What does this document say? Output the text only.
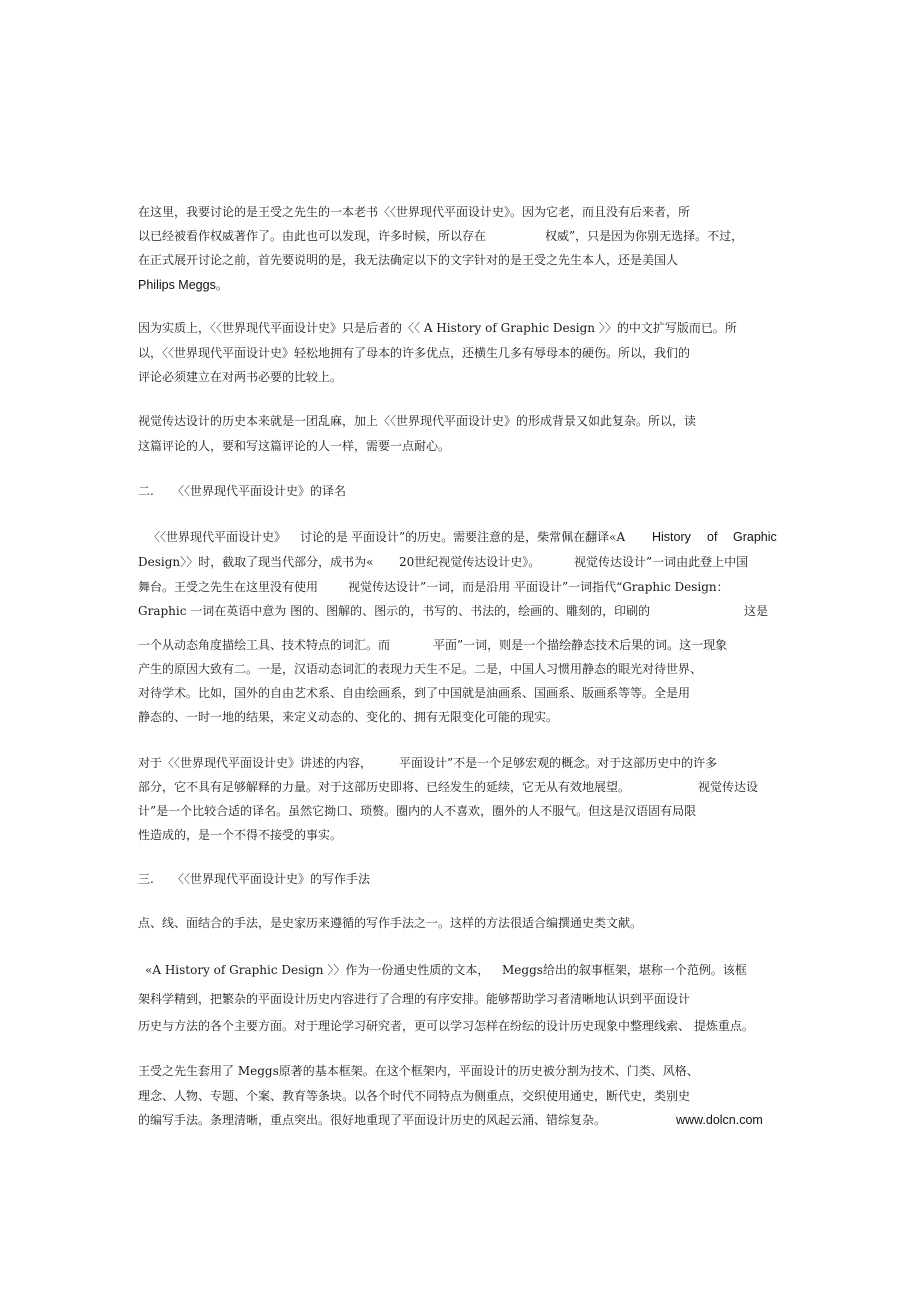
在这里，我要讨论的是王受之先生的一本老书〈〈世界现代平面设计史》。因为它老，而且没有后来者，所
以已经被看作权威著作了。由此也可以发现，许多时候，所以存在	权威”，只是因为你别无选择。不过，
在正式展开讨论之前，首先要说明的是，我无法确定以下的文字针对的是王受之先生本人，还是美国人
Philips Meggs。
因为实质上，〈〈世界现代平面设计史》只是后者的〈〈 A History of Graphic Design 〉〉的中文扩写版而已。所
以，〈〈世界现代平面设计史》轻松地拥有了母本的许多优点，还横生几多有辱母本的硬伤。所以，我们的
评论必须建立在对两书必要的比较上。
视觉传达设计的历史本来就是一团乱麻，加上〈〈世界现代平面设计史》的形成背景又如此复杂。所以，读
这篇评论的人，要和写这篇评论的人一样，需要一点耐心。
二. 〈〈世界现代平面设计史》的译名
〈〈世界现代平面设计史》 讨论的是 平面设计”的历史。需要注意的是，柴常佩在翻译«A History of Graphic
Design〉〉时，截取了现当代部分，成书为« 20世纪视觉传达设计史》。	视觉传达设计”一词由此登上中国
舞台。王受之先生在这里没有使用 视觉传达设计”一词，而是沿用 平面设计”一词指代“Graphic Design：
Graphic 一词在英语中意为 图的、图解的、图示的，书写的、书法的，绘画的、雕刻的，印刷的	这是
一个从动态角度描绘工具、技术特点的词汇。而	平面”一词，则是一个描绘静态技术后果的词。这一现象
产生的原因大致有二。一是，汉语动态词汇的表现力天生不足。二是，中国人习惯用静态的眼光对待世界、
对待学术。比如，国外的自由艺术系、自由绘画系，到了中国就是油画系、国画系、版画系等等。全是用
静态的、一时一地的结果，来定义动态的、变化的、拥有无限变化可能的现实。
对于〈〈世界现代平面设计史》讲述的内容， 平面设计”不是一个足够宏观的概念。对于这部历史中的许多
部分，它不具有足够解释的力量。对于这部历史即将、已经发生的延续，它无从有效地展望。	视觉传达设
计”是一个比较合适的译名。虽然它拗口、琐赘。圈内的人不喜欢，圈外的人不服气。但这是汉语固有局限
性造成的，是一个不得不接受的事实。
三. 〈〈世界现代平面设计史》的写作手法
点、线、面结合的手法，是史家历来遵循的写作手法之一。这样的方法很适合编撰通史类文献。
«A History of Graphic Design 〉〉作为一份通史性质的文本， Meggs给出的叙事框架，堪称一个范例。该框
架科学精到，把繁杂的平面设计历史内容进行了合理的有序安排。能够帮助学习者清晰地认识到平面设计
历史与方法的各个主要方面。对于理论学习研究者，更可以学习怎样在纷纭的设计历史现象中整理线索、 提炼重点。
王受之先生套用了 Meggs原著的基本框架。在这个框架内，平面设计的历史被分割为技术、门类、风格、
理念、人物、专题、个案、教育等条块。以各个时代不同特点为侧重点，交织使用通史，断代史，类别史
的编写手法。条理清晰，重点突出。很好地重现了平面设计历史的风起云涌、错综复杂。	www.dolcn.com
